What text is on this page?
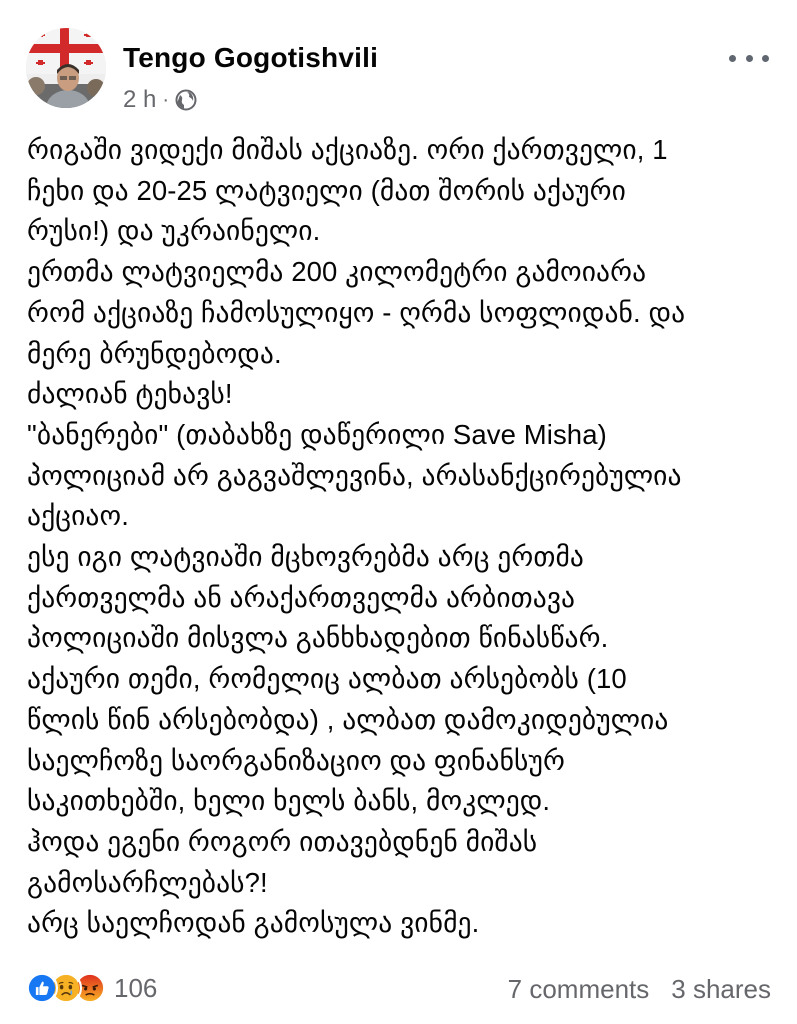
Tengo Gogotishvili
2 h ·
რიგაში ვიდექი მიშას აქციაზე. ორი ქართველი, 1
ჩეხი და 20-25 ლატვიელი (მათ შორის აქაური
რუსი!) და უკრაინელი.
ერთმა ლატვიელმა 200 კილომეტრი გამოიარა
რომ აქციაზე ჩამოსულიყო - ღრმა სოფლიდან. და
მერე ბრუნდებოდა.
ძალიან ტეხავს!
"ბანერები" (თაბახზე დაწერილი Save Misha)
პოლიციამ არ გაგვაშლევინა, არასანქცირებულია
აქციაო.
ესე იგი ლატვიაში მცხოვრებმა არც ერთმა
ქართველმა ან არაქართველმა არბითავა
პოლიციაში მისვლა განხხადებით წინასწარ.
აქაური თემი, რომელიც ალბათ არსებობს (10
წლის წინ არსებობდა) , ალბათ დამოკიდებულია
საელჩოზე საორგანიზაციო და ფინანსურ
საკითხებში, ხელი ხელს ბანს, მოკლედ.
ჰოდა ეგენი როგორ ითავებდნენ მიშას
გამოსარჩლებას?!
არც საელჩოდან გამოსულა ვინმე.
106	7 comments 3 shares
